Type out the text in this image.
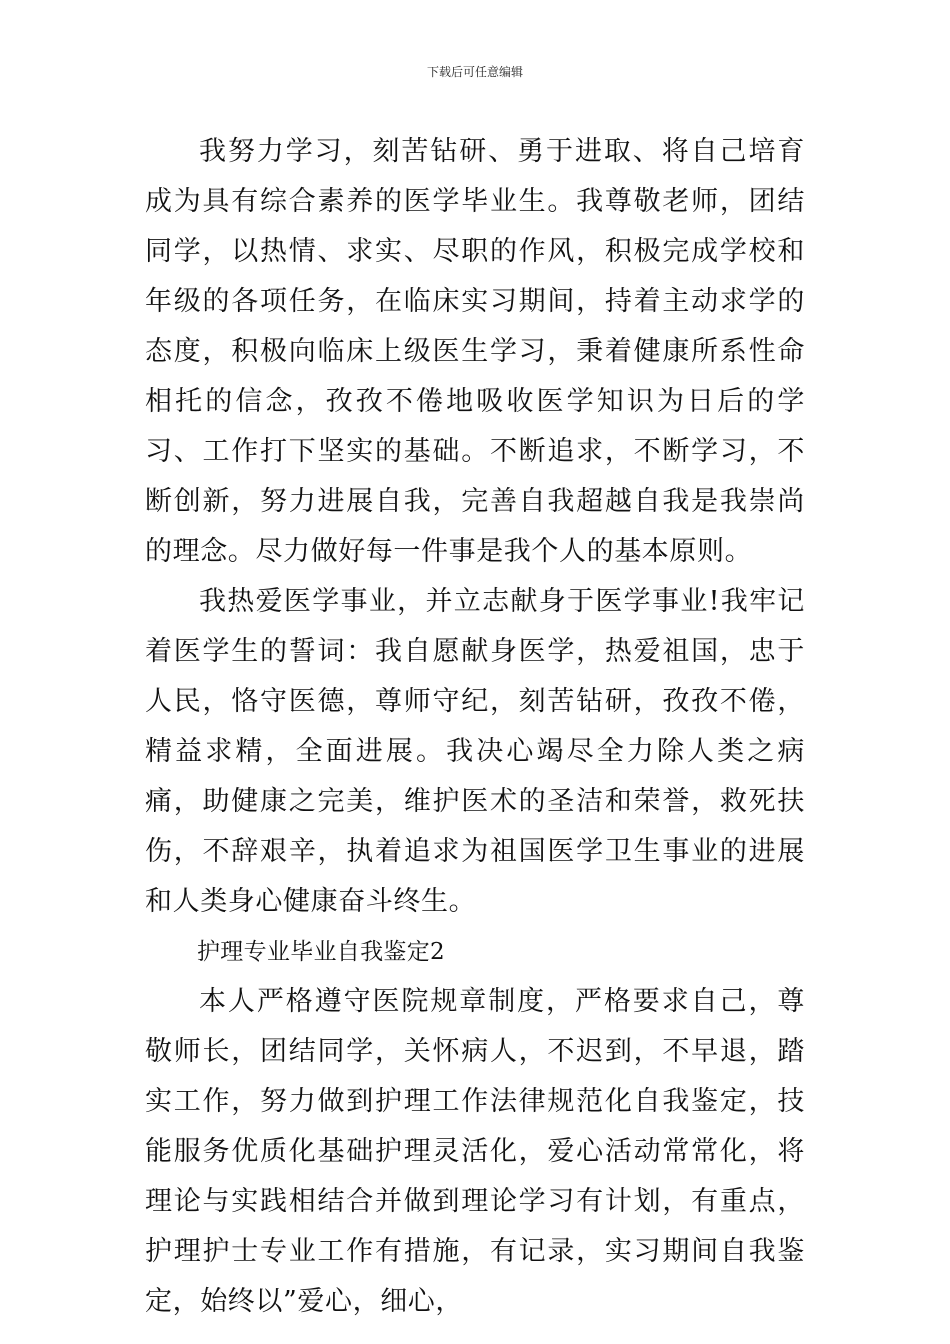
下载后可任意编辑

我努力学习，刻苦钻研、勇于进取、将自己培育成为具有综合素养的医学毕业生。我尊敬老师，团结同学，以热情、求实、尽职的作风，积极完成学校和年级的各项任务，在临床实习期间，持着主动求学的态度，积极向临床上级医生学习，秉着健康所系性命相托的信念，孜孜不倦地吸收医学知识为日后的学习、工作打下坚实的基础。不断追求，不断学习，不断创新，努力进展自我，完善自我超越自我是我崇尚的理念。尽力做好每一件事是我个人的基本原则。

我热爱医学事业，并立志献身于医学事业!我牢记着医学生的誓词：我自愿献身医学，热爱祖国，忠于人民，恪守医德，尊师守纪，刻苦钻研，孜孜不倦，精益求精，全面进展。我决心竭尽全力除人类之病痛，助健康之完美，维护医术的圣洁和荣誉，救死扶伤，不辞艰辛，执着追求为祖国医学卫生事业的进展和人类身心健康奋斗终生。

护理专业毕业自我鉴定2

本人严格遵守医院规章制度，严格要求自己，尊敬师长，团结同学，关怀病人，不迟到，不早退，踏实工作，努力做到护理工作法律规范化自我鉴定，技能服务优质化基础护理灵活化，爱心活动常常化，将理论与实践相结合并做到理论学习有计划，有重点，护理护士专业工作有措施，有记录，实习期间自我鉴定，始终以”爱心，细心，
